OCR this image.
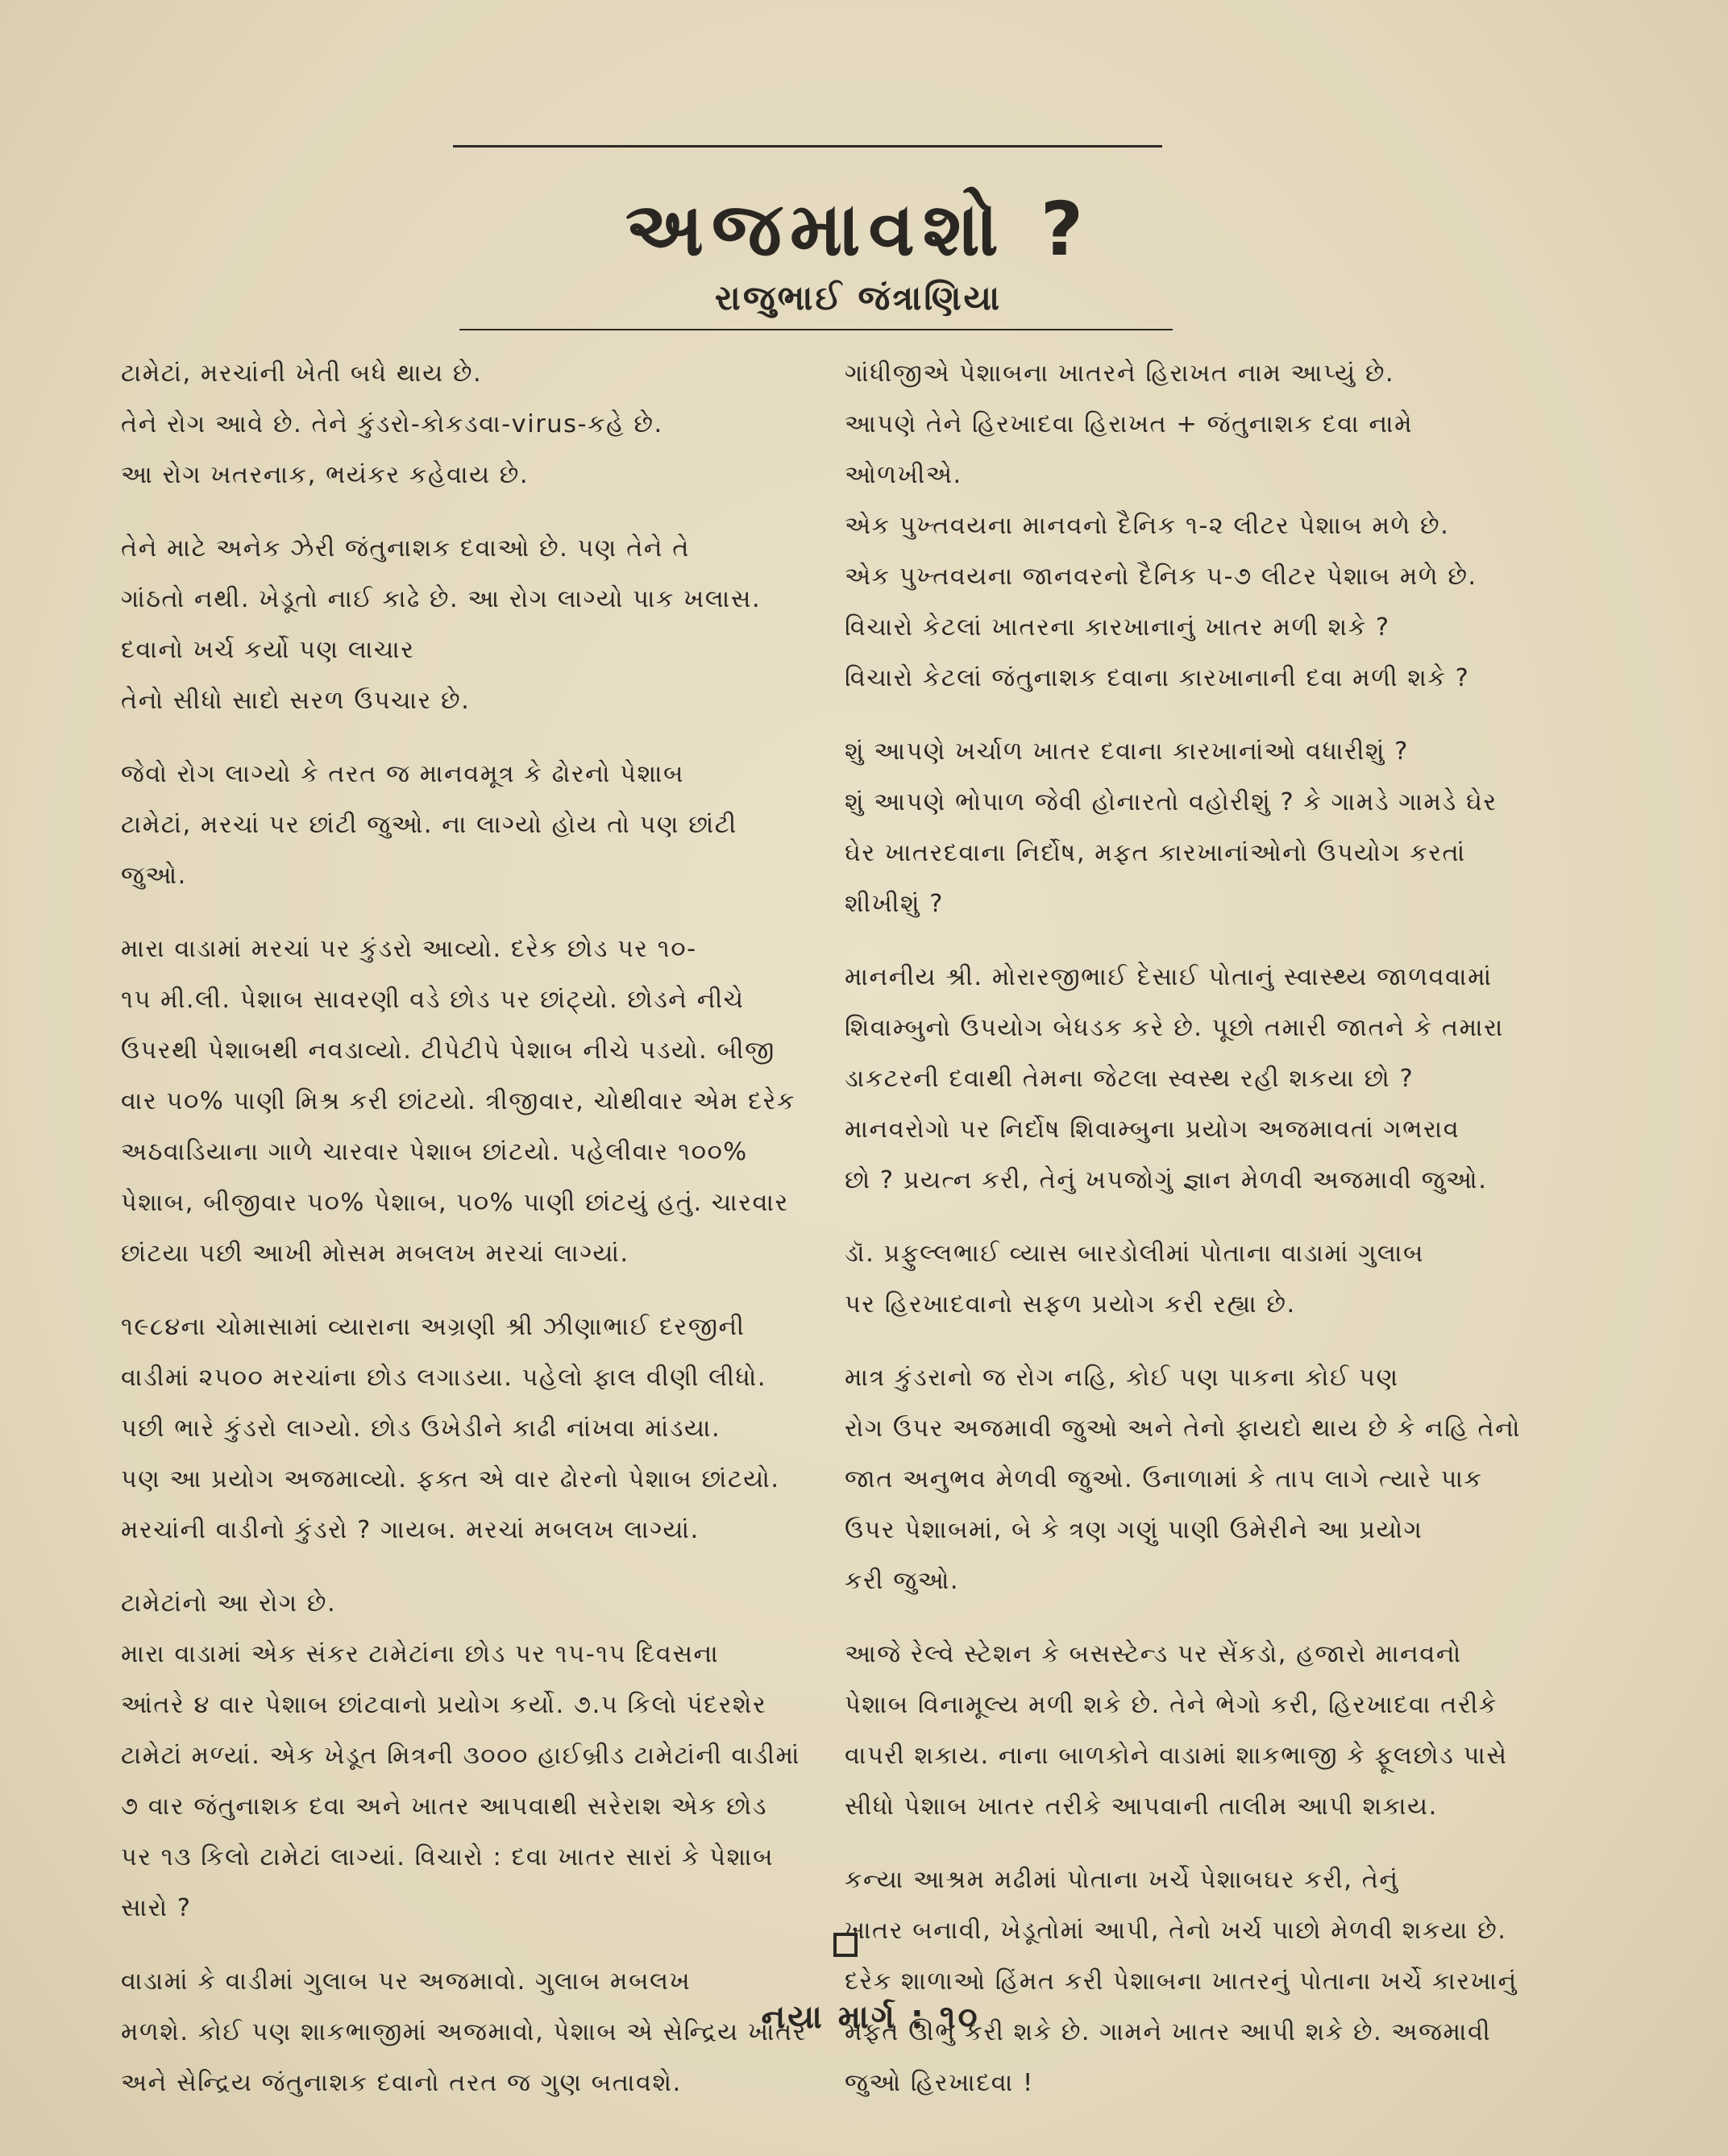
અજમાવશો ?
રાજુભાઈ જંત્રાણિયા

ટામેટાં, મરચાંની ખેતી બધે થાય છે.

તેને રોગ આવે છે. તેને કુંડરો-કોકડવા-virus-કહે છે.

આ રોગ ખતરનાક, ભયંકર કહેવાય છે.

તેને માટે અનેક ઝેરી જંતુનાશક દવાઓ છે. પણ તેને તે

ગાંઠતો નથી. ખેડૂતો નાઈ કાઢે છે. આ રોગ લાગ્યો પાક ખલાસ.

દવાનો ખર્ચ કર્યો પણ લાચાર

તેનો સીધો સાદો સરળ ઉપચાર છે.

જેવો રોગ લાગ્યો કે તરત જ માનવમૂત્ર કે ઢોરનો પેશાબ

ટામેટાં, મરચાં પર છાંટી જુઓ. ના લાગ્યો હોય તો પણ છાંટી

જુઓ.

મારા વાડામાં મરચાં પર કુંડરો આવ્યો. દરેક છોડ પર ૧૦-

૧૫ મી.લી. પેશાબ સાવરણી વડે છોડ પર છાંટ્યો. છોડને નીચે

ઉપરથી પેશાબથી નવડાવ્યો. ટીપેટીપે પેશાબ નીચે પડયો. બીજી

વાર ૫૦% પાણી મિશ્ર કરી છાંટયો. ત્રીજીવાર, ચોથીવાર એમ દરેક

અઠવાડિયાના ગાળે ચારવાર પેશાબ છાંટયો. પહેલીવાર ૧૦૦%

પેશાબ, બીજીવાર ૫૦% પેશાબ, ૫૦% પાણી છાંટયું હતું. ચારવાર

છાંટયા પછી આખી મોસમ મબલખ મરચાં લાગ્યાં.

૧૯૮૪ના ચોમાસામાં વ્યારાના અગ્રણી શ્રી ઝીણાભાઈ દરજીની

વાડીમાં ૨૫૦૦ મરચાંના છોડ લગાડયા. પહેલો ફાલ વીણી લીધો.

પછી ભારે કુંડરો લાગ્યો. છોડ ઉખેડીને કાઢી નાંખવા માંડયા.

પણ આ પ્રયોગ અજમાવ્યો. ફક્ત એ વાર ઢોરનો પેશાબ છાંટયો.

મરચાંની વાડીનો કુંડરો ? ગાયબ. મરચાં મબલખ લાગ્યાં.

ટામેટાંનો આ રોગ છે.

મારા વાડામાં એક સંકર ટામેટાંના છોડ પર ૧૫-૧૫ દિવસના

આંતરે ૪ વાર પેશાબ છાંટવાનો પ્રયોગ કર્યો. ૭.૫ કિલો પંદરશેર

ટામેટાં મળ્યાં. એક ખેડૂત મિત્રની ૩૦૦૦ હાઈબ્રીડ ટામેટાંની વાડીમાં

૭ વાર જંતુનાશક દવા અને ખાતર આપવાથી સરેરાશ એક છોડ

પર ૧૩ કિલો ટામેટાં લાગ્યાં. વિચારો : દવા ખાતર સારાં કે પેશાબ

સારો ?

વાડામાં કે વાડીમાં ગુલાબ પર અજમાવો. ગુલાબ મબલખ

મળશે. કોઈ પણ શાકભાજીમાં અજમાવો, પેશાબ એ સેન્દ્રિય ખાતર

અને સેન્દ્રિય જંતુનાશક દવાનો તરત જ ગુણ બતાવશે.

ગાંધીજીએ પેશાબના ખાતરને હિરાખત નામ આપ્યું છે.

આપણે તેને હિરખાદવા હિરાખત + જંતુનાશક દવા નામે

ઓળખીએ.

એક પુખ્તવયના માનવનો દૈનિક ૧-૨ લીટર પેશાબ મળે છે.

એક પુખ્તવયના જાનવરનો દૈનિક ૫-૭ લીટર પેશાબ મળે છે.

વિચારો કેટલાં ખાતરના કારખાનાનું ખાતર મળી શકે ?

વિચારો કેટલાં જંતુનાશક દવાના કારખાનાની દવા મળી શકે ?

શું આપણે ખર્ચાળ ખાતર દવાના કારખાનાંઓ વધારીશું ?

શું આપણે ભોપાળ જેવી હોનારતો વહોરીશું ? કે ગામડે ગામડે ઘેર

ઘેર ખાતરદવાના નિર્દોષ, મફત કારખાનાંઓનો ઉપયોગ કરતાં

શીખીશું ?

માનનીય શ્રી. મોરારજીભાઈ દેસાઈ પોતાનું સ્વાસ્થ્ય જાળવવામાં

શિવામ્બુનો ઉપયોગ બેધડક કરે છે. પૂછો તમારી જાતને કે તમારા

ડાકટરની દવાથી તેમના જેટલા સ્વસ્થ રહી શકયા છો ?

માનવરોગો પર નિર્દોષ શિવામ્બુના પ્રયોગ અજમાવતાં ગભરાવ

છો ? પ્રયત્ન કરી, તેનું ખપજોગું જ્ઞાન મેળવી અજમાવી જુઓ.

ડૉ. પ્રફુલ્લભાઈ વ્યાસ બારડોલીમાં પોતાના વાડામાં ગુલાબ

પર હિરખાદવાનો સફળ પ્રયોગ કરી રહ્યા છે.

માત્ર કુંડરાનો જ રોગ નહિ, કોઈ પણ પાકના કોઈ પણ

રોગ ઉપર અજમાવી જુઓ અને તેનો ફાયદો થાય છે કે નહિ તેનો

જાત અનુભવ મેળવી જુઓ. ઉનાળામાં કે તાપ લાગે ત્યારે પાક

ઉપર પેશાબમાં, બે કે ત્રણ ગણું પાણી ઉમેરીને આ પ્રયોગ

કરી જુઓ.

આજે રેલ્વે સ્ટેશન કે બસસ્ટેન્ડ પર સેંકડો, હજારો માનવનો

પેશાબ વિનામૂલ્ય મળી શકે છે. તેને ભેગો કરી, હિરખાદવા તરીકે

વાપરી શકાય. નાના બાળકોને વાડામાં શાકભાજી કે ફૂલછોડ પાસે

સીધો પેશાબ ખાતર તરીકે આપવાની તાલીમ આપી શકાય.

કન્યા આશ્રમ મઢીમાં પોતાના ખર્ચે પેશાબઘર કરી, તેનું

ખાતર બનાવી, ખેડૂતોમાં આપી, તેનો ખર્ચ પાછો મેળવી શકયા છે.

દરેક શાળાઓ હિંમત કરી પેશાબના ખાતરનું પોતાના ખર્ચે કારખાનું

મફત ઊભું કરી શકે છે. ગામને ખાતર આપી શકે છે. અજમાવી

જુઓ હિરખાદવા !

નયા માર્ગ : ૧૦
